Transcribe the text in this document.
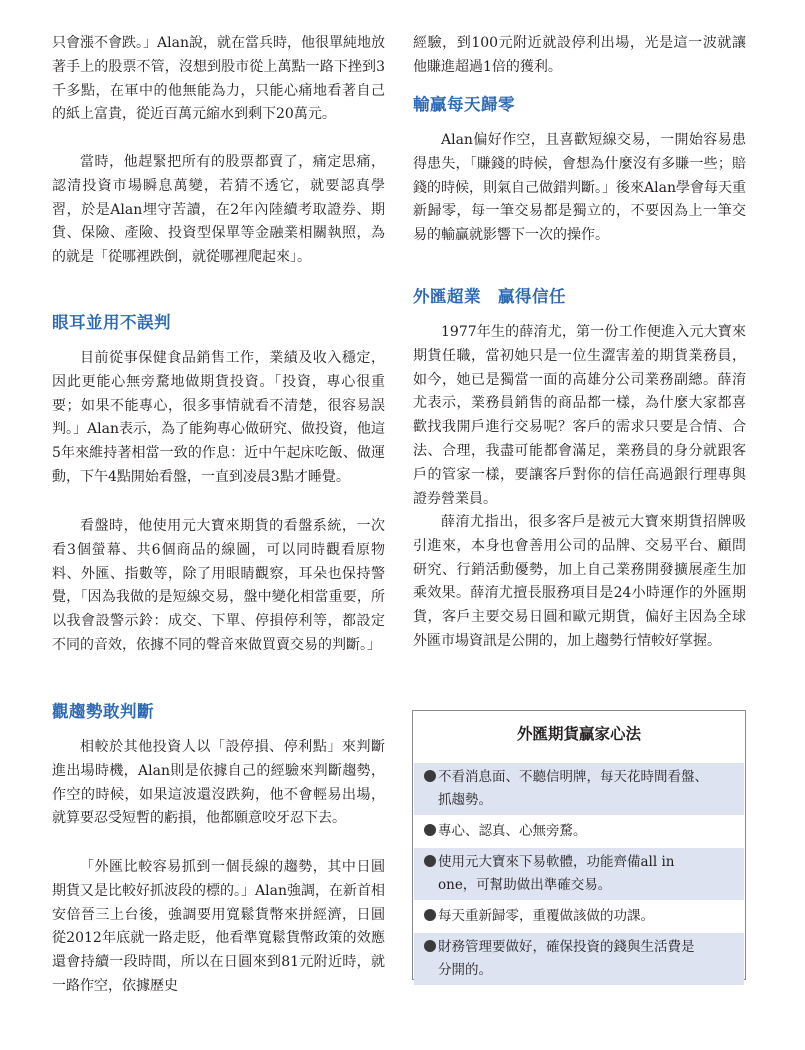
只會漲不會跌。」Alan說，就在當兵時，他很單純地放著手上的股票不管，沒想到股市從上萬點一路下挫到3千多點，在軍中的他無能為力，只能心痛地看著自己的紙上富貴，從近百萬元縮水到剩下20萬元。

當時，他趕緊把所有的股票都賣了，痛定思痛，認清投資市場瞬息萬變，若猜不透它，就要認真學習，於是Alan埋守苦讀，在2年內陸續考取證券、期貨、保險、產險、投資型保單等金融業相關執照，為的就是「從哪裡跌倒，就從哪裡爬起來」。

眼耳並用不誤判

目前從事保健食品銷售工作，業績及收入穩定，因此更能心無旁騖地做期貨投資。「投資，專心很重要；如果不能專心，很多事情就看不清楚，很容易誤判。」Alan表示，為了能夠專心做研究、做投資，他這5年來維持著相當一致的作息：近中午起床吃飯、做運動，下午4點開始看盤，一直到凌晨3點才睡覺。

看盤時，他使用元大寶來期貨的看盤系統，一次看3個螢幕、共6個商品的線圖，可以同時觀看原物料、外匯、指數等，除了用眼睛觀察，耳朵也保持警覺，「因為我做的是短線交易，盤中變化相當重要，所以我會設警示鈴：成交、下單、停損停利等，都設定不同的音效，依據不同的聲音來做買賣交易的判斷。」

觀趨勢敢判斷

相較於其他投資人以「設停損、停利點」來判斷進出場時機，Alan則是依據自己的經驗來判斷趨勢，作空的時候，如果這波還沒跌夠，他不會輕易出場，就算要忍受短暫的虧損，他都願意咬牙忍下去。

「外匯比較容易抓到一個長線的趨勢，其中日圓期貨又是比較好抓波段的標的。」Alan強調，在新首相安倍晉三上台後，強調要用寬鬆貨幣來拼經濟，日圓從2012年底就一路走貶，他看準寬鬆貨幣政策的效應還會持續一段時間，所以在日圓來到81元附近時，就一路作空，依據歷史

經驗，到100元附近就設停利出場，光是這一波就讓他賺進超過1倍的獲利。

輸贏每天歸零

Alan偏好作空，且喜歡短線交易，一開始容易患得患失，「賺錢的時候，會想為什麼沒有多賺一些；賠錢的時候，則氣自己做錯判斷。」後來Alan學會每天重新歸零，每一筆交易都是獨立的，不要因為上一筆交易的輸贏就影響下一次的操作。

外匯超業　贏得信任

1977年生的薛淯尤，第一份工作便進入元大寶來期貨任職，當初她只是一位生澀害羞的期貨業務員，如今，她已是獨當一面的高雄分公司業務副總。薛淯尤表示，業務員銷售的商品都一樣，為什麼大家都喜歡找我開戶進行交易呢？客戶的需求只要是合情、合法、合理，我盡可能都會滿足，業務員的身分就跟客戶的管家一樣，要讓客戶對你的信任高過銀行理專與證券營業員。

薛淯尤指出，很多客戶是被元大寶來期貨招牌吸引進來，本身也會善用公司的品牌、交易平台、顧問研究、行銷活動優勢，加上自己業務開發擴展產生加乘效果。薛淯尤擅長服務項目是24小時運作的外匯期貨，客戶主要交易日圓和歐元期貨，偏好主因為全球外匯市場資訊是公開的，加上趨勢行情較好掌握。

外匯期貨贏家心法
不看消息面、不聽信明牌，每天花時間看盤、
抓趨勢。
專心、認真、心無旁騖。
使用元大寶來下易軟體，功能齊備all in
one，可幫助做出準確交易。
每天重新歸零，重覆做該做的功課。
財務管理要做好，確保投資的錢與生活費是
分開的。
